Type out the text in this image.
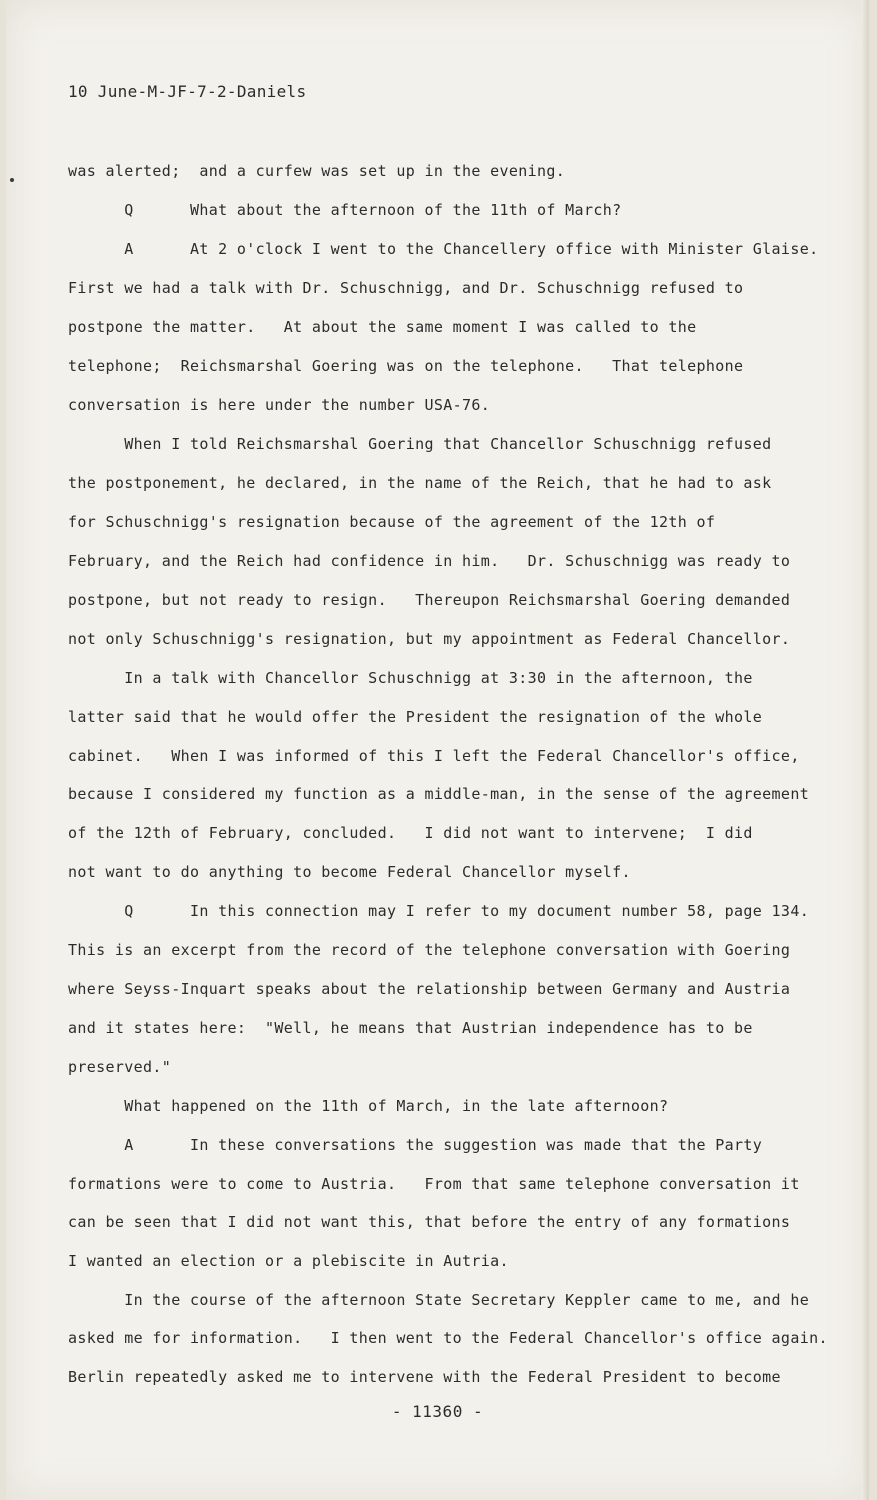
10 June-M-JF-7-2-Daniels

was alerted;  and a curfew was set up in the evening.

Q      What about the afternoon of the 11th of March?

A      At 2 o'clock I went to the Chancellery office with Minister Glaise.

First we had a talk with Dr. Schuschnigg, and Dr. Schuschnigg refused to

postpone the matter.   At about the same moment I was called to the

telephone;  Reichsmarshal Goering was on the telephone.   That telephone

conversation is here under the number USA-76.

When I told Reichsmarshal Goering that Chancellor Schuschnigg refused

the postponement, he declared, in the name of the Reich, that he had to ask

for Schuschnigg's resignation because of the agreement of the 12th of

February, and the Reich had confidence in him.   Dr. Schuschnigg was ready to

postpone, but not ready to resign.   Thereupon Reichsmarshal Goering demanded

not only Schuschnigg's resignation, but my appointment as Federal Chancellor.

In a talk with Chancellor Schuschnigg at 3:30 in the afternoon, the

latter said that he would offer the President the resignation of the whole

cabinet.   When I was informed of this I left the Federal Chancellor's office,

because I considered my function as a middle-man, in the sense of the agreement

of the 12th of February, concluded.   I did not want to intervene;  I did

not want to do anything to become Federal Chancellor myself.

Q      In this connection may I refer to my document number 58, page 134.

This is an excerpt from the record of the telephone conversation with Goering

where Seyss-Inquart speaks about the relationship between Germany and Austria

and it states here:  "Well, he means that Austrian independence has to be

preserved."

What happened on the 11th of March, in the late afternoon?

A      In these conversations the suggestion was made that the Party

formations were to come to Austria.   From that same telephone conversation it

can be seen that I did not want this, that before the entry of any formations

I wanted an election or a plebiscite in Autria.

In the course of the afternoon State Secretary Keppler came to me, and he

asked me for information.   I then went to the Federal Chancellor's office again.

Berlin repeatedly asked me to intervene with the Federal President to become

- 11360 -
